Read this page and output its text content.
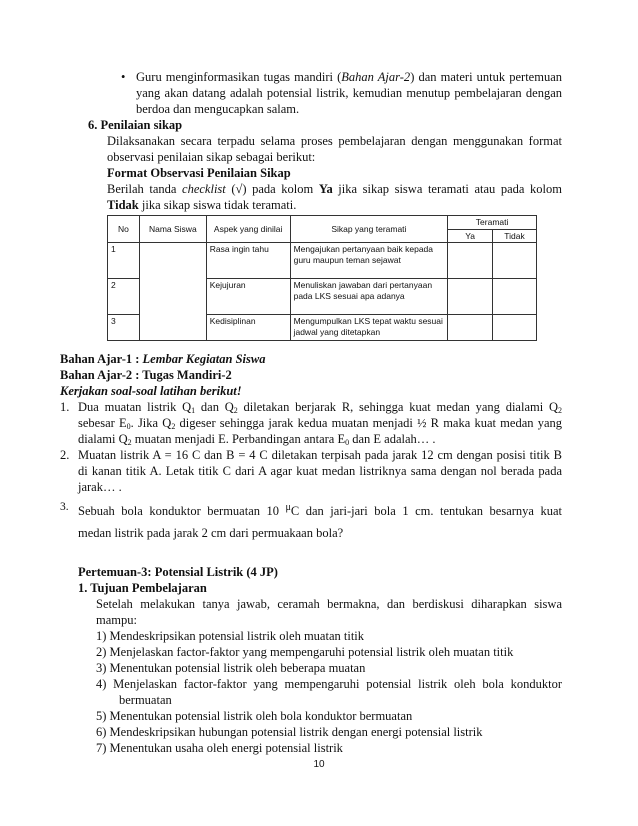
• Guru menginformasikan tugas mandiri (Bahan Ajar-2) dan materi untuk pertemuan
yang akan datang adalah potensial listrik, kemudian menutup pembelajaran dengan
berdoa dan mengucapkan salam.
6. Penilaian sikap
Dilaksanakan secara terpadu selama proses pembelajaran dengan menggunakan format
observasi penilaian sikap sebagai berikut:
Format Observasi Penilaian Sikap
Berilah tanda checklist (√) pada kolom Ya jika sikap siswa teramati atau pada kolom
Tidak jika sikap siswa tidak teramati.
No	Nama Siswa	Aspek yang dinilai	Sikap yang teramati	Teramati	
				Ya	Tidak
1		Rasa ingin tahu	Mengajukan pertanyaan baik kepada guru maupun teman sejawat		
2		Kejujuran	Menuliskan jawaban dari pertanyaan pada LKS sesuai apa adanya		
3		Kedisiplinan	Mengumpulkan LKS tepat waktu sesuai jadwal yang ditetapkan		
Bahan Ajar-1 : Lembar Kegiatan Siswa
Bahan Ajar-2 : Tugas Mandiri-2
Kerjakan soal-soal latihan berikut!
1. Dua muatan listrik $Q_1$ dan $Q_2$ diletakan berjarak R, sehingga kuat medan yang dialami $Q_2$
sebesar $E_0$. Jika $Q_2$ digeser sehingga jarak kedua muatan menjadi ½ R maka kuat medan yang
dialami $Q_2$ muatan menjadi E. Perbandingan antara $E_0$ dan E adalah… .
2. Muatan listrik A = 16 C dan B = 4 C diletakan terpisah pada jarak 12 cm dengan posisi titik B
di kanan titik A. Letak titik C dari A agar kuat medan listriknya sama dengan nol berada pada
jarak… .
3. Sebuah bola konduktor bermuatan 10 $^\mu$C dan jari-jari bola 1 cm. tentukan besarnya kuat
medan listrik pada jarak 2 cm dari permuakaan bola?
Pertemuan-3: Potensial Listrik (4 JP)
1. Tujuan Pembelajaran
Setelah melakukan tanya jawab, ceramah bermakna, dan berdiskusi diharapkan siswa
mampu:
1) Mendeskripsikan potensial listrik oleh muatan titik
2) Menjelaskan factor-faktor yang mempengaruhi potensial listrik oleh muatan titik
3) Menentukan potensial listrik oleh beberapa muatan
4) Menjelaskan factor-faktor yang mempengaruhi potensial listrik oleh bola konduktor
bermuatan
5) Menentukan potensial listrik oleh bola konduktor bermuatan
6) Mendeskripsikan hubungan potensial listrik dengan energi potensial listrik
7) Menentukan usaha oleh energi potensial listrik
10
